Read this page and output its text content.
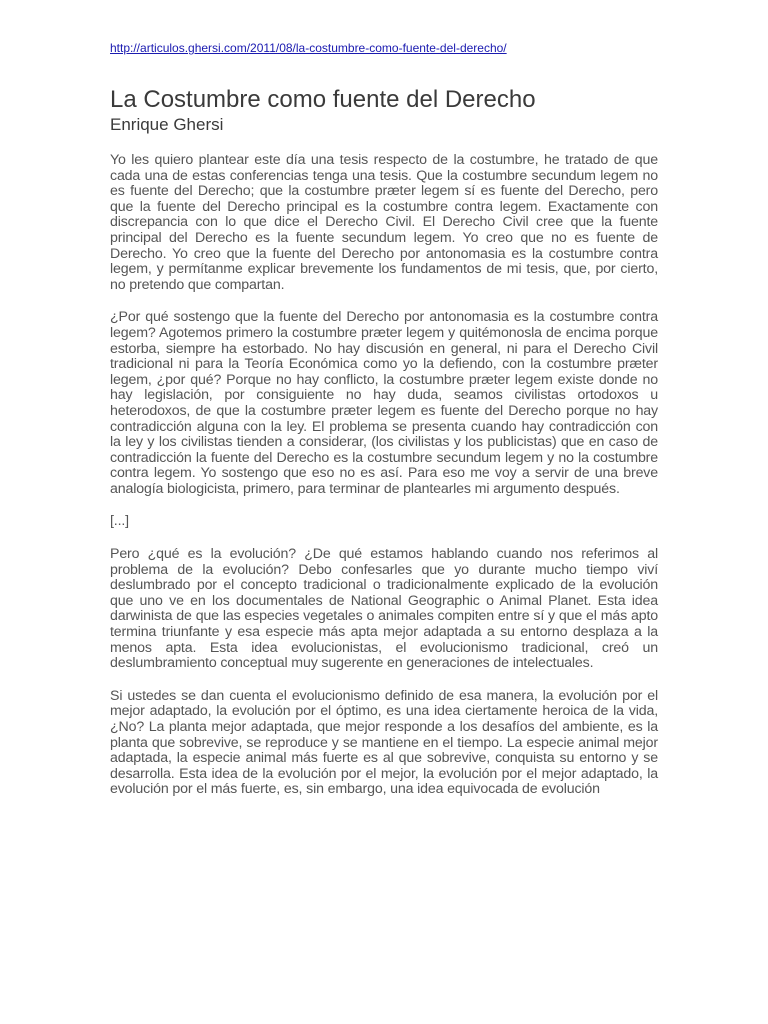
http://articulos.ghersi.com/2011/08/la-costumbre-como-fuente-del-derecho/
La Costumbre como fuente del Derecho
Enrique Ghersi

Yo les quiero plantear este día una tesis respecto de la costumbre, he tratado de que cada una de estas conferencias tenga una tesis. Que la costumbre secundum legem no es fuente del Derecho; que la costumbre præter legem sí es fuente del Derecho, pero que la fuente del Derecho principal es la costumbre contra legem. Exactamente con discrepancia con lo que dice el Derecho Civil. El Derecho Civil cree que la fuente principal del Derecho es la fuente secundum legem. Yo creo que no es fuente de Derecho. Yo creo que la fuente del Derecho por antonomasia es la costumbre contra legem, y permítanme explicar brevemente los fundamentos de mi tesis, que, por cierto, no pretendo que compartan.

¿Por qué sostengo que la fuente del Derecho por antonomasia es la costumbre contra legem? Agotemos primero la costumbre præter legem y quitémonosla de encima porque estorba, siempre ha estorbado. No hay discusión en general, ni para el Derecho Civil tradicional ni para la Teoría Económica como yo la defiendo, con la costumbre præter legem, ¿por qué? Porque no hay conflicto, la costumbre præter legem existe donde no hay legislación, por consiguiente no hay duda, seamos civilistas ortodoxos u heterodoxos, de que la costumbre præter legem es fuente del Derecho porque no hay contradicción alguna con la ley. El problema se presenta cuando hay contradicción con la ley y los civilistas tienden a considerar, (los civilistas y los publicistas) que en caso de contradicción la fuente del Derecho es la costumbre secundum legem y no la costumbre contra legem. Yo sostengo que eso no es así. Para eso me voy a servir de una breve analogía biologicista, primero, para terminar de plantearles mi argumento después.

[...]

Pero ¿qué es la evolución? ¿De qué estamos hablando cuando nos referimos al problema de la evolución? Debo confesarles que yo durante mucho tiempo viví deslumbrado por el concepto tradicional o tradicionalmente explicado de la evolución que uno ve en los documentales de National Geographic o Animal Planet. Esta idea darwinista de que las especies vegetales o animales compiten entre sí y que el más apto termina triunfante y esa especie más apta mejor adaptada a su entorno desplaza a la menos apta. Esta idea evolucionistas, el evolucionismo tradicional, creó un deslumbramiento conceptual muy sugerente en generaciones de intelectuales.

Si ustedes se dan cuenta el evolucionismo definido de esa manera, la evolución por el mejor adaptado, la evolución por el óptimo, es una idea ciertamente heroica de la vida, ¿No? La planta mejor adaptada, que mejor responde a los desafíos del ambiente, es la planta que sobrevive, se reproduce y se mantiene en el tiempo. La especie animal mejor adaptada, la especie animal más fuerte es al que sobrevive, conquista su entorno y se desarrolla. Esta idea de la evolución por el mejor, la evolución por el mejor adaptado, la evolución por el más fuerte, es, sin embargo, una idea equivocada de evolución
